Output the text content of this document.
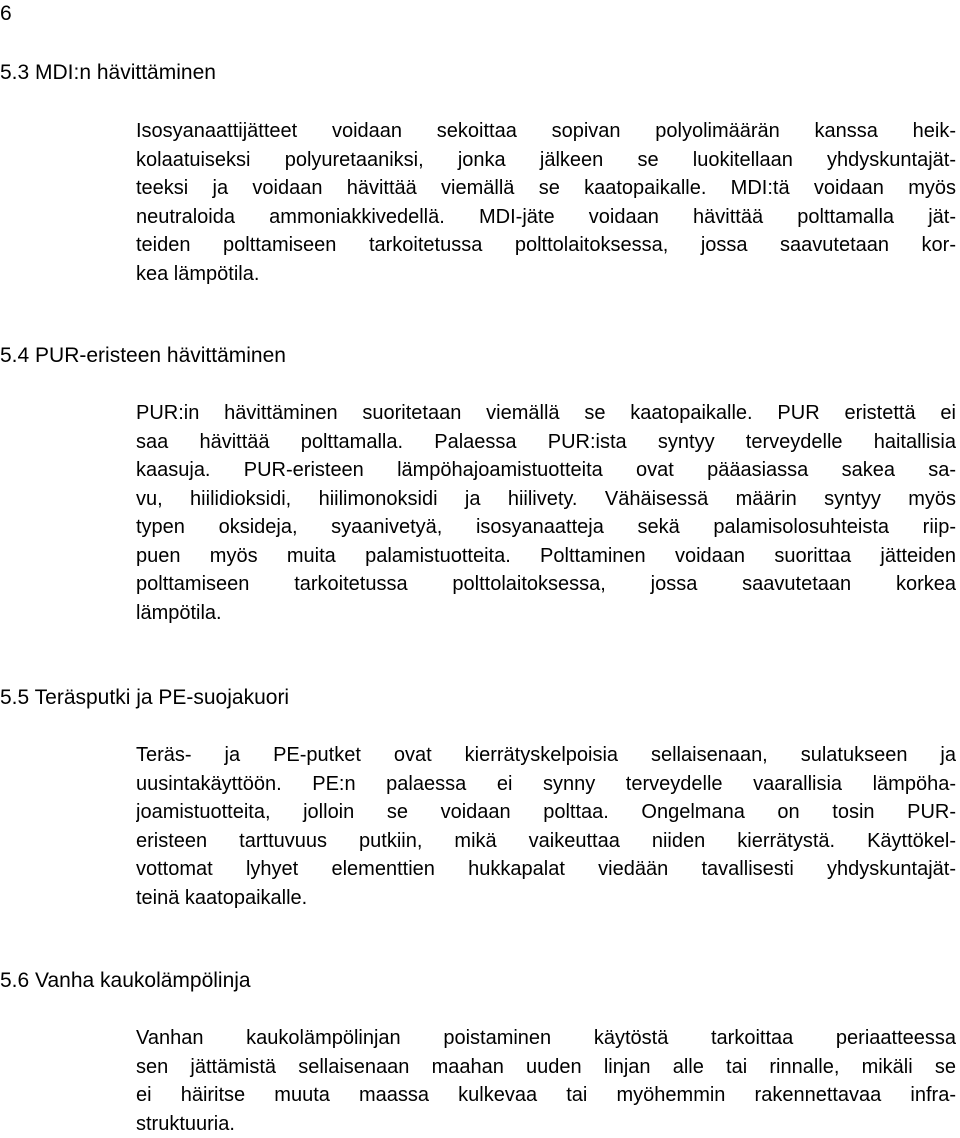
6
5.3 MDI:n hävittäminen
Isosyanaattijätteet voidaan sekoittaa sopivan polyolimäärän kanssa heik-
kolaatuiseksi polyuretaaniksi, jonka jälkeen se luokitellaan yhdyskuntajät-
teeksi ja voidaan hävittää viemällä se kaatopaikalle. MDI:tä voidaan myös
neutraloida ammoniakkivedellä. MDI-jäte voidaan hävittää polttamalla jät-
teiden polttamiseen tarkoitetussa polttolaitoksessa, jossa saavutetaan kor-
kea lämpötila.
5.4 PUR-eristeen hävittäminen
PUR:in hävittäminen suoritetaan viemällä se kaatopaikalle. PUR eristettä ei
saa hävittää polttamalla. Palaessa PUR:ista syntyy terveydelle haitallisia
kaasuja. PUR-eristeen lämpöhajoamistuotteita ovat pääasiassa sakea sa-
vu, hiilidioksidi, hiilimonoksidi ja hiilivety. Vähäisessä määrin syntyy myös
typen oksideja, syaanivetyä, isosyanaatteja sekä palamisolosuhteista riip-
puen myös muita palamistuotteita. Polttaminen voidaan suorittaa jätteiden
polttamiseen tarkoitetussa polttolaitoksessa, jossa saavutetaan korkea
lämpötila.
5.5 Teräsputki ja PE-suojakuori
Teräs- ja PE-putket ovat kierrätyskelpoisia sellaisenaan, sulatukseen ja
uusintakäyttöön. PE:n palaessa ei synny terveydelle vaarallisia lämpöha-
joamistuotteita, jolloin se voidaan polttaa. Ongelmana on tosin PUR-
eristeen tarttuvuus putkiin, mikä vaikeuttaa niiden kierrätystä. Käyttökel-
vottomat lyhyet elementtien hukkapalat viedään tavallisesti yhdyskuntajät-
teinä kaatopaikalle.
5.6 Vanha kaukolämpölinja
Vanhan kaukolämpölinjan poistaminen käytöstä tarkoittaa periaatteessa
sen jättämistä sellaisenaan maahan uuden linjan alle tai rinnalle, mikäli se
ei häiritse muuta maassa kulkevaa tai myöhemmin rakennettavaa infra-
struktuuria.
